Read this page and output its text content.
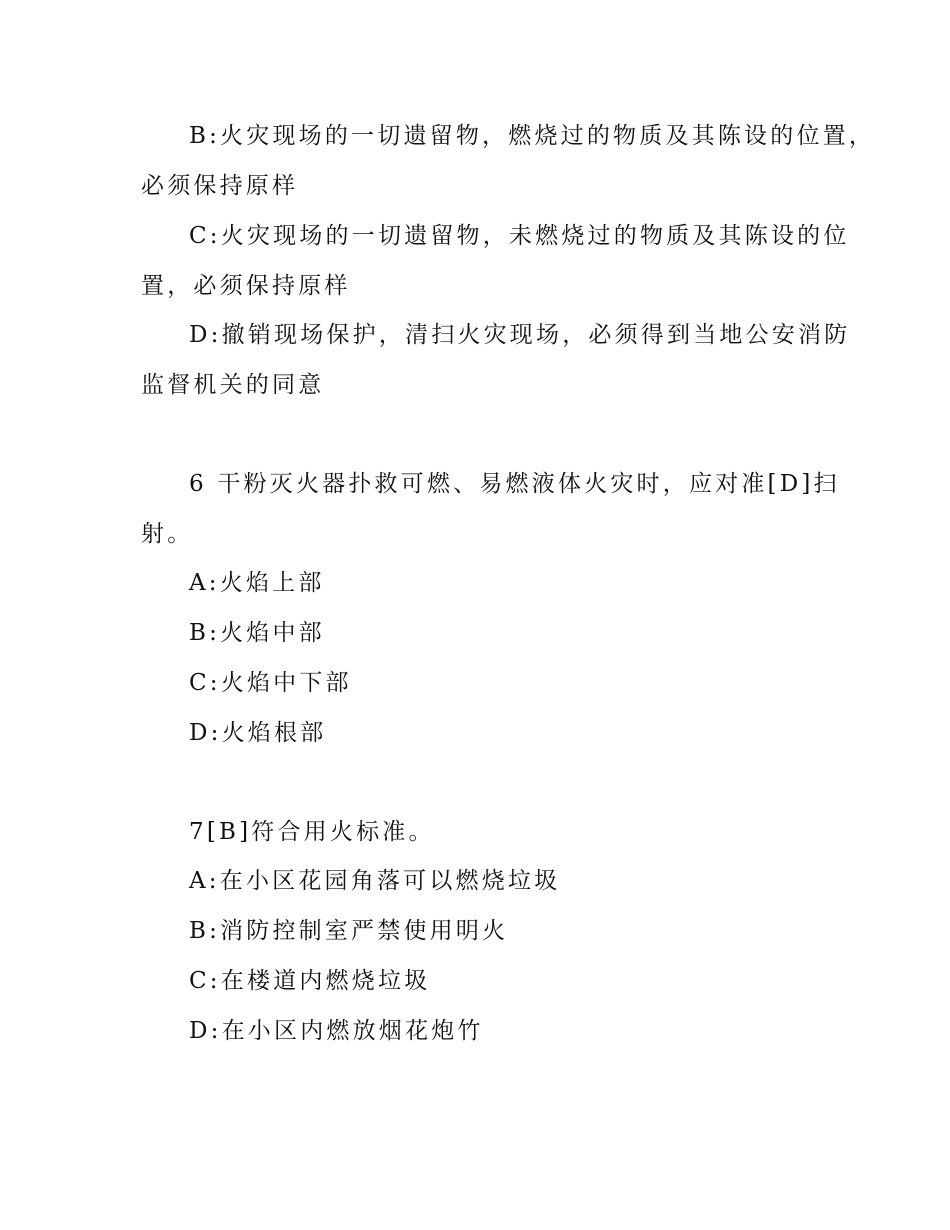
B:火灾现场的一切遗留物，燃烧过的物质及其陈设的位置，
必须保持原样
C:火灾现场的一切遗留物，未燃烧过的物质及其陈设的位
置，必须保持原样
D:撤销现场保护，清扫火灾现场，必须得到当地公安消防
监督机关的同意
6 干粉灭火器扑救可燃、易燃液体火灾时，应对准[D]扫
射。
A:火焰上部
B:火焰中部
C:火焰中下部
D:火焰根部
7[B]符合用火标准。
A:在小区花园角落可以燃烧垃圾
B:消防控制室严禁使用明火
C:在楼道内燃烧垃圾
D:在小区内燃放烟花炮竹
